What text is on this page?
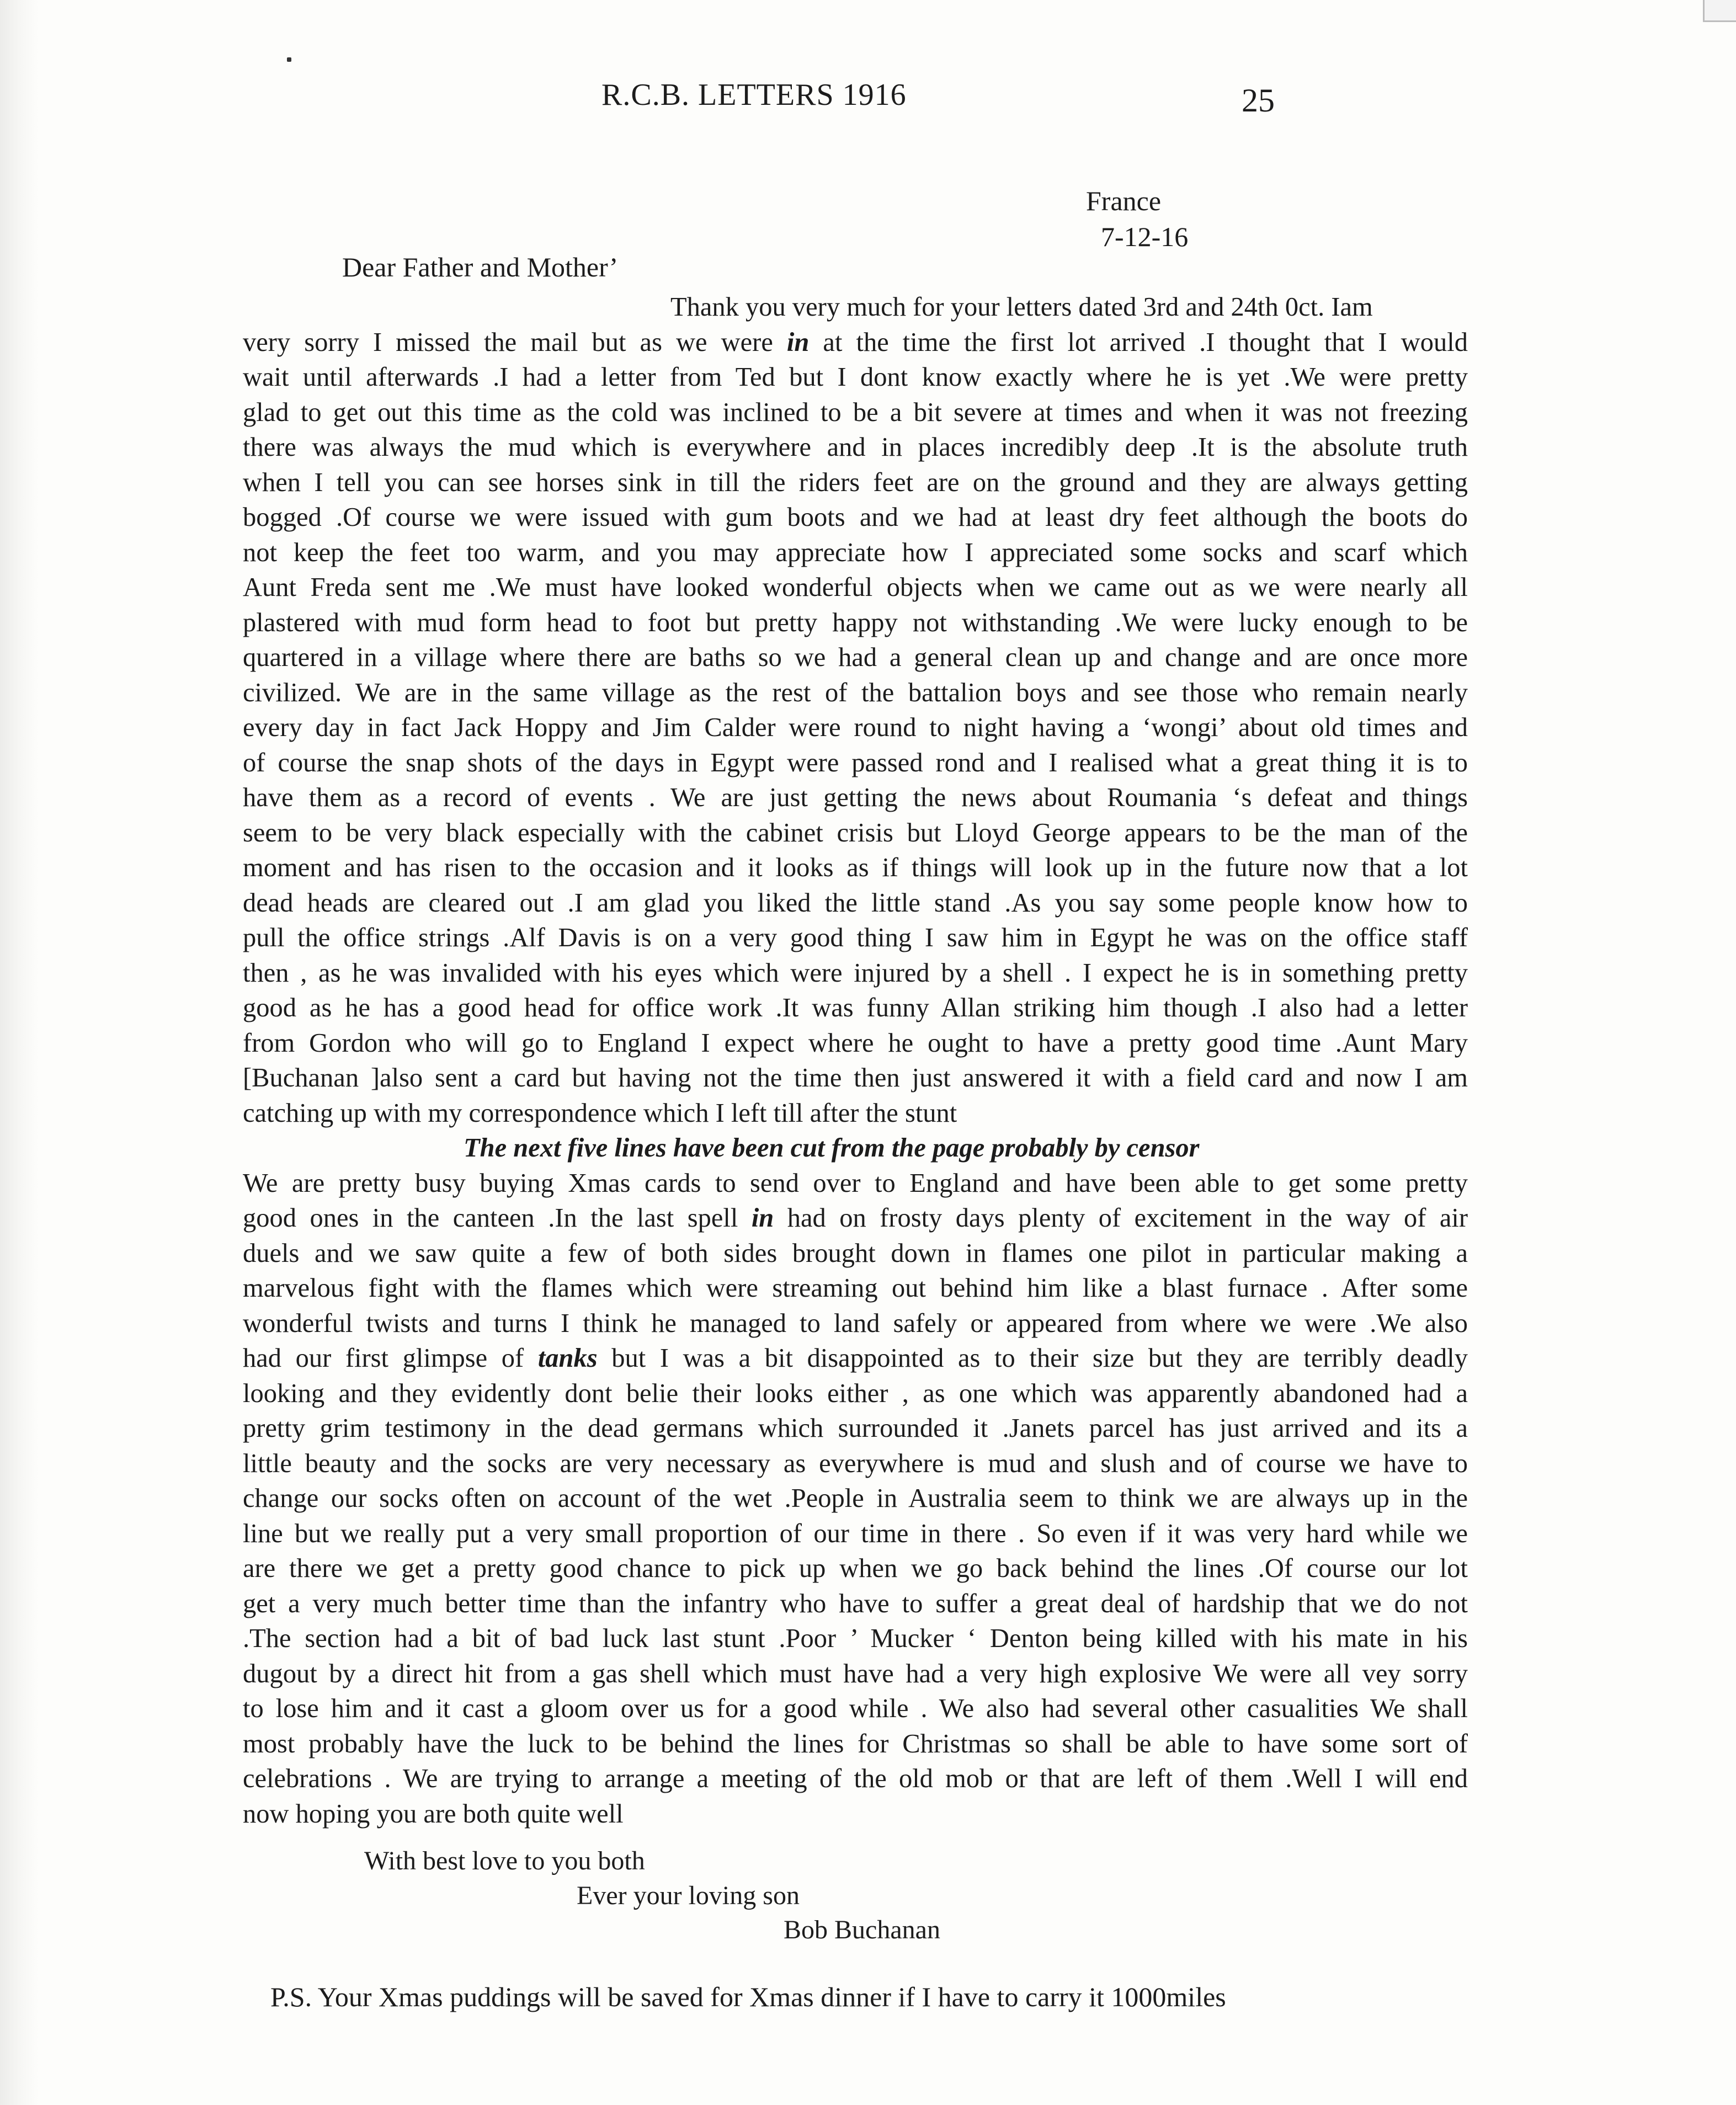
R.C.B. LETTERS 1916	25
France
7-12-16
Dear Father and Mother’
Thank you very much for your letters dated 3rd and 24th 0ct. Iam
very sorry I missed the mail but as we were in at the time the first lot arrived .I thought that I would
wait until afterwards .I had a letter from Ted but I dont know exactly where he is yet .We were pretty
glad to get out this time as the cold was inclined to be a bit severe at times and when it was not freezing
there was always the mud which is everywhere and in places incredibly deep .It is the absolute truth
when I tell you can see horses sink in till the riders feet are on the ground and they are always getting
bogged .Of course we were issued with gum boots and we had at least dry feet although the boots do
not keep the feet too warm, and you may appreciate how I appreciated some socks and scarf which
Aunt Freda sent me .We must have looked wonderful objects when we came out as we were nearly all
plastered with mud form head to foot but pretty happy not withstanding .We were lucky enough to be
quartered in a village where there are baths so we had a general clean up and change and are once more
civilized. We are in the same village as the rest of the battalion boys and see those who remain nearly
every day in fact Jack Hoppy and Jim Calder were round to night having a ‘wongi’ about old times and
of course the snap shots of the days in Egypt were passed rond and I realised what a great thing it is to
have them as a record of events . We are just getting the news about Roumania ‘s defeat and things
seem to be very black especially with the cabinet crisis but Lloyd George appears to be the man of the
moment and has risen to the occasion and it looks as if things will look up in the future now that a lot
dead heads are cleared out .I am glad you liked the little stand .As you say some people know how to
pull the office strings .Alf Davis is on a very good thing I saw him in Egypt he was on the office staff
then , as he was invalided with his eyes which were injured by a shell . I expect he is in something pretty
good as he has a good head for office work .It was funny Allan striking him though .I also had a letter
from Gordon who will go to England I expect where he ought to have a pretty good time .Aunt Mary
[Buchanan ]also sent a card but having not the time then just answered it with a field card and now I am
catching up with my correspondence which I left till after the stunt
The next five lines have been cut from the page probably by censor
We are pretty busy buying Xmas cards to send over to England and have been able to get some pretty
good ones in the canteen .In the last spell in had on frosty days plenty of excitement in the way of air
duels and we saw quite a few of both sides brought down in flames one pilot in particular making a
marvelous fight with the flames which were streaming out behind him like a blast furnace . After some
wonderful twists and turns I think he managed to land safely or appeared from where we were .We also
had our first glimpse of tanks but I was a bit disappointed as to their size but they are terribly deadly
looking and they evidently dont belie their looks either , as one which was apparently abandoned had a
pretty grim testimony in the dead germans which surrounded it .Janets parcel has just arrived and its a
little beauty and the socks are very necessary as everywhere is mud and slush and of course we have to
change our socks often on account of the wet .People in Australia seem to think we are always up in the
line but we really put a very small proportion of our time in there . So even if it was very hard while we
are there we get a pretty good chance to pick up when we go back behind the lines .Of course our lot
get a very much better time than the infantry who have to suffer a great deal of hardship that we do not
.The section had a bit of bad luck last stunt .Poor ’ Mucker ‘ Denton being killed with his mate in his
dugout by a direct hit from a gas shell which must have had a very high explosive We were all vey sorry
to lose him and it cast a gloom over us for a good while . We also had several other casualities We shall
most probably have the luck to be behind the lines for Christmas so shall be able to have some sort of
celebrations . We are trying to arrange a meeting of the old mob or that are left of them .Well I will end
now hoping you are both quite well
With best love to you both
Ever your loving son
Bob Buchanan
P.S. Your Xmas puddings will be saved for Xmas dinner if I have to carry it 1000miles
